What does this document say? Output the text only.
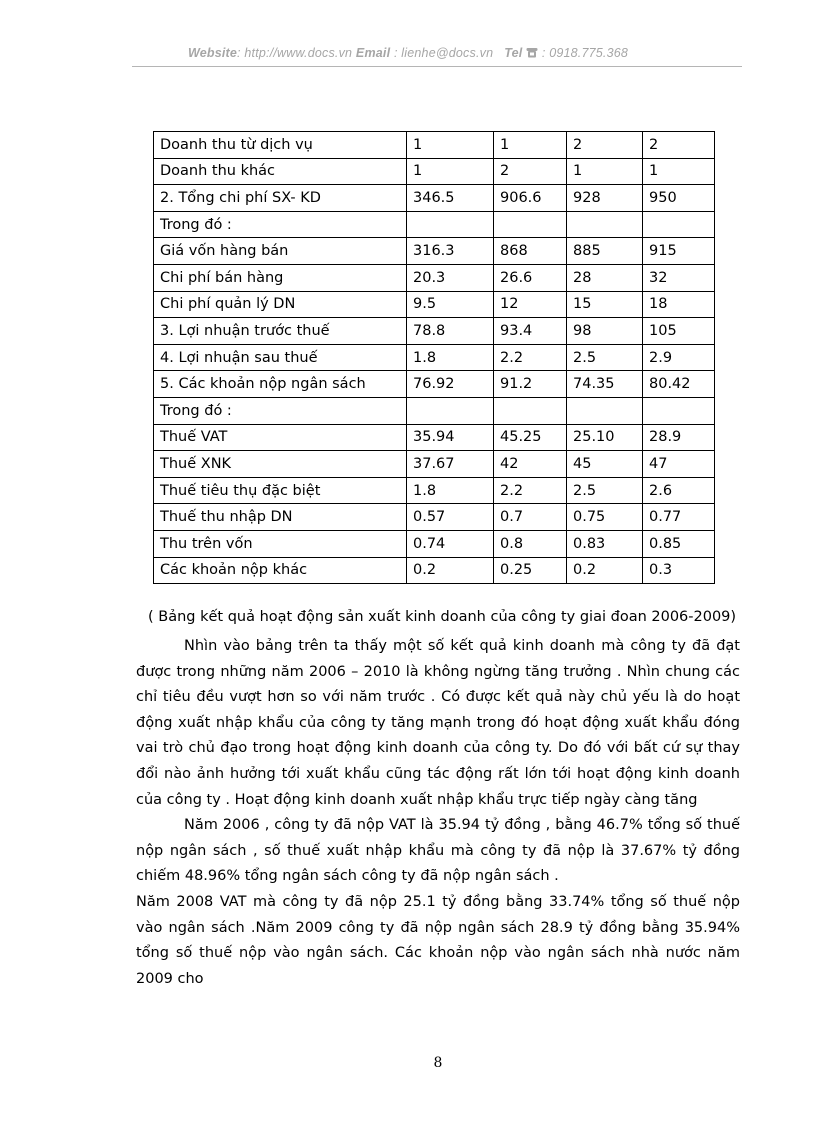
Website: http://www.docs.vn Email : lienhe@docs.vn Tel : 0918.775.368
Doanh thu từ dịch vụ	1	1	2	2
Doanh thu khác	1	2	1	1
2. Tổng chi phí SX- KD	346.5	906.6	928	950
Trong đó :				
Giá vốn hàng bán	316.3	868	885	915
Chi phí bán hàng	20.3	26.6	28	32
Chi phí quản lý DN	9.5	12	15	18
3. Lợi nhuận trước thuế	78.8	93.4	98	105
4. Lợi nhuận sau thuế	1.8	2.2	2.5	2.9
5. Các khoản nộp ngân sách	76.92	91.2	74.35	80.42
Trong đó :				
Thuế VAT	35.94	45.25	25.10	28.9
Thuế XNK	37.67	42	45	47
Thuế tiêu thụ đặc biệt	1.8	2.2	2.5	2.6
Thuế thu nhập DN	0.57	0.7	0.75	0.77
Thu trên vốn	0.74	0.8	0.83	0.85
Các khoản nộp khác	0.2	0.25	0.2	0.3
( Bảng kết quả hoạt động sản xuất kinh doanh của công ty giai đoan 2006-2009)

Nhìn vào bảng trên ta thấy một số kết quả kinh doanh mà công ty đã đạt được trong những năm 2006 – 2010 là không ngừng tăng trưởng . Nhìn chung các chỉ tiêu đều vượt hơn so với năm trước . Có được kết quả này chủ yếu là do hoạt động xuất nhập khẩu của công ty tăng mạnh trong đó hoạt động xuất khẩu đóng vai trò chủ đạo trong hoạt động kinh doanh của công ty. Do đó với bất cứ sự thay đổi nào ảnh hưởng tới xuất khẩu cũng tác động rất lớn tới hoạt động kinh doanh của công ty . Hoạt động kinh doanh xuất nhập khẩu trực tiếp ngày càng tăng

Năm 2006 , công ty đã nộp VAT là 35.94 tỷ đồng , bằng 46.7% tổng số thuế nộp ngân sách , số thuế xuất nhập khẩu mà công ty đã nộp là 37.67% tỷ đồng chiếm 48.96% tổng ngân sách công ty đã nộp ngân sách .

Năm 2008 VAT mà công ty đã nộp 25.1 tỷ đồng bằng 33.74% tổng số thuế nộp vào ngân sách .Năm 2009 công ty đã nộp ngân sách 28.9 tỷ đồng bằng 35.94% tổng số thuế nộp vào ngân sách. Các khoản nộp vào ngân sách nhà nước năm 2009 cho

8
